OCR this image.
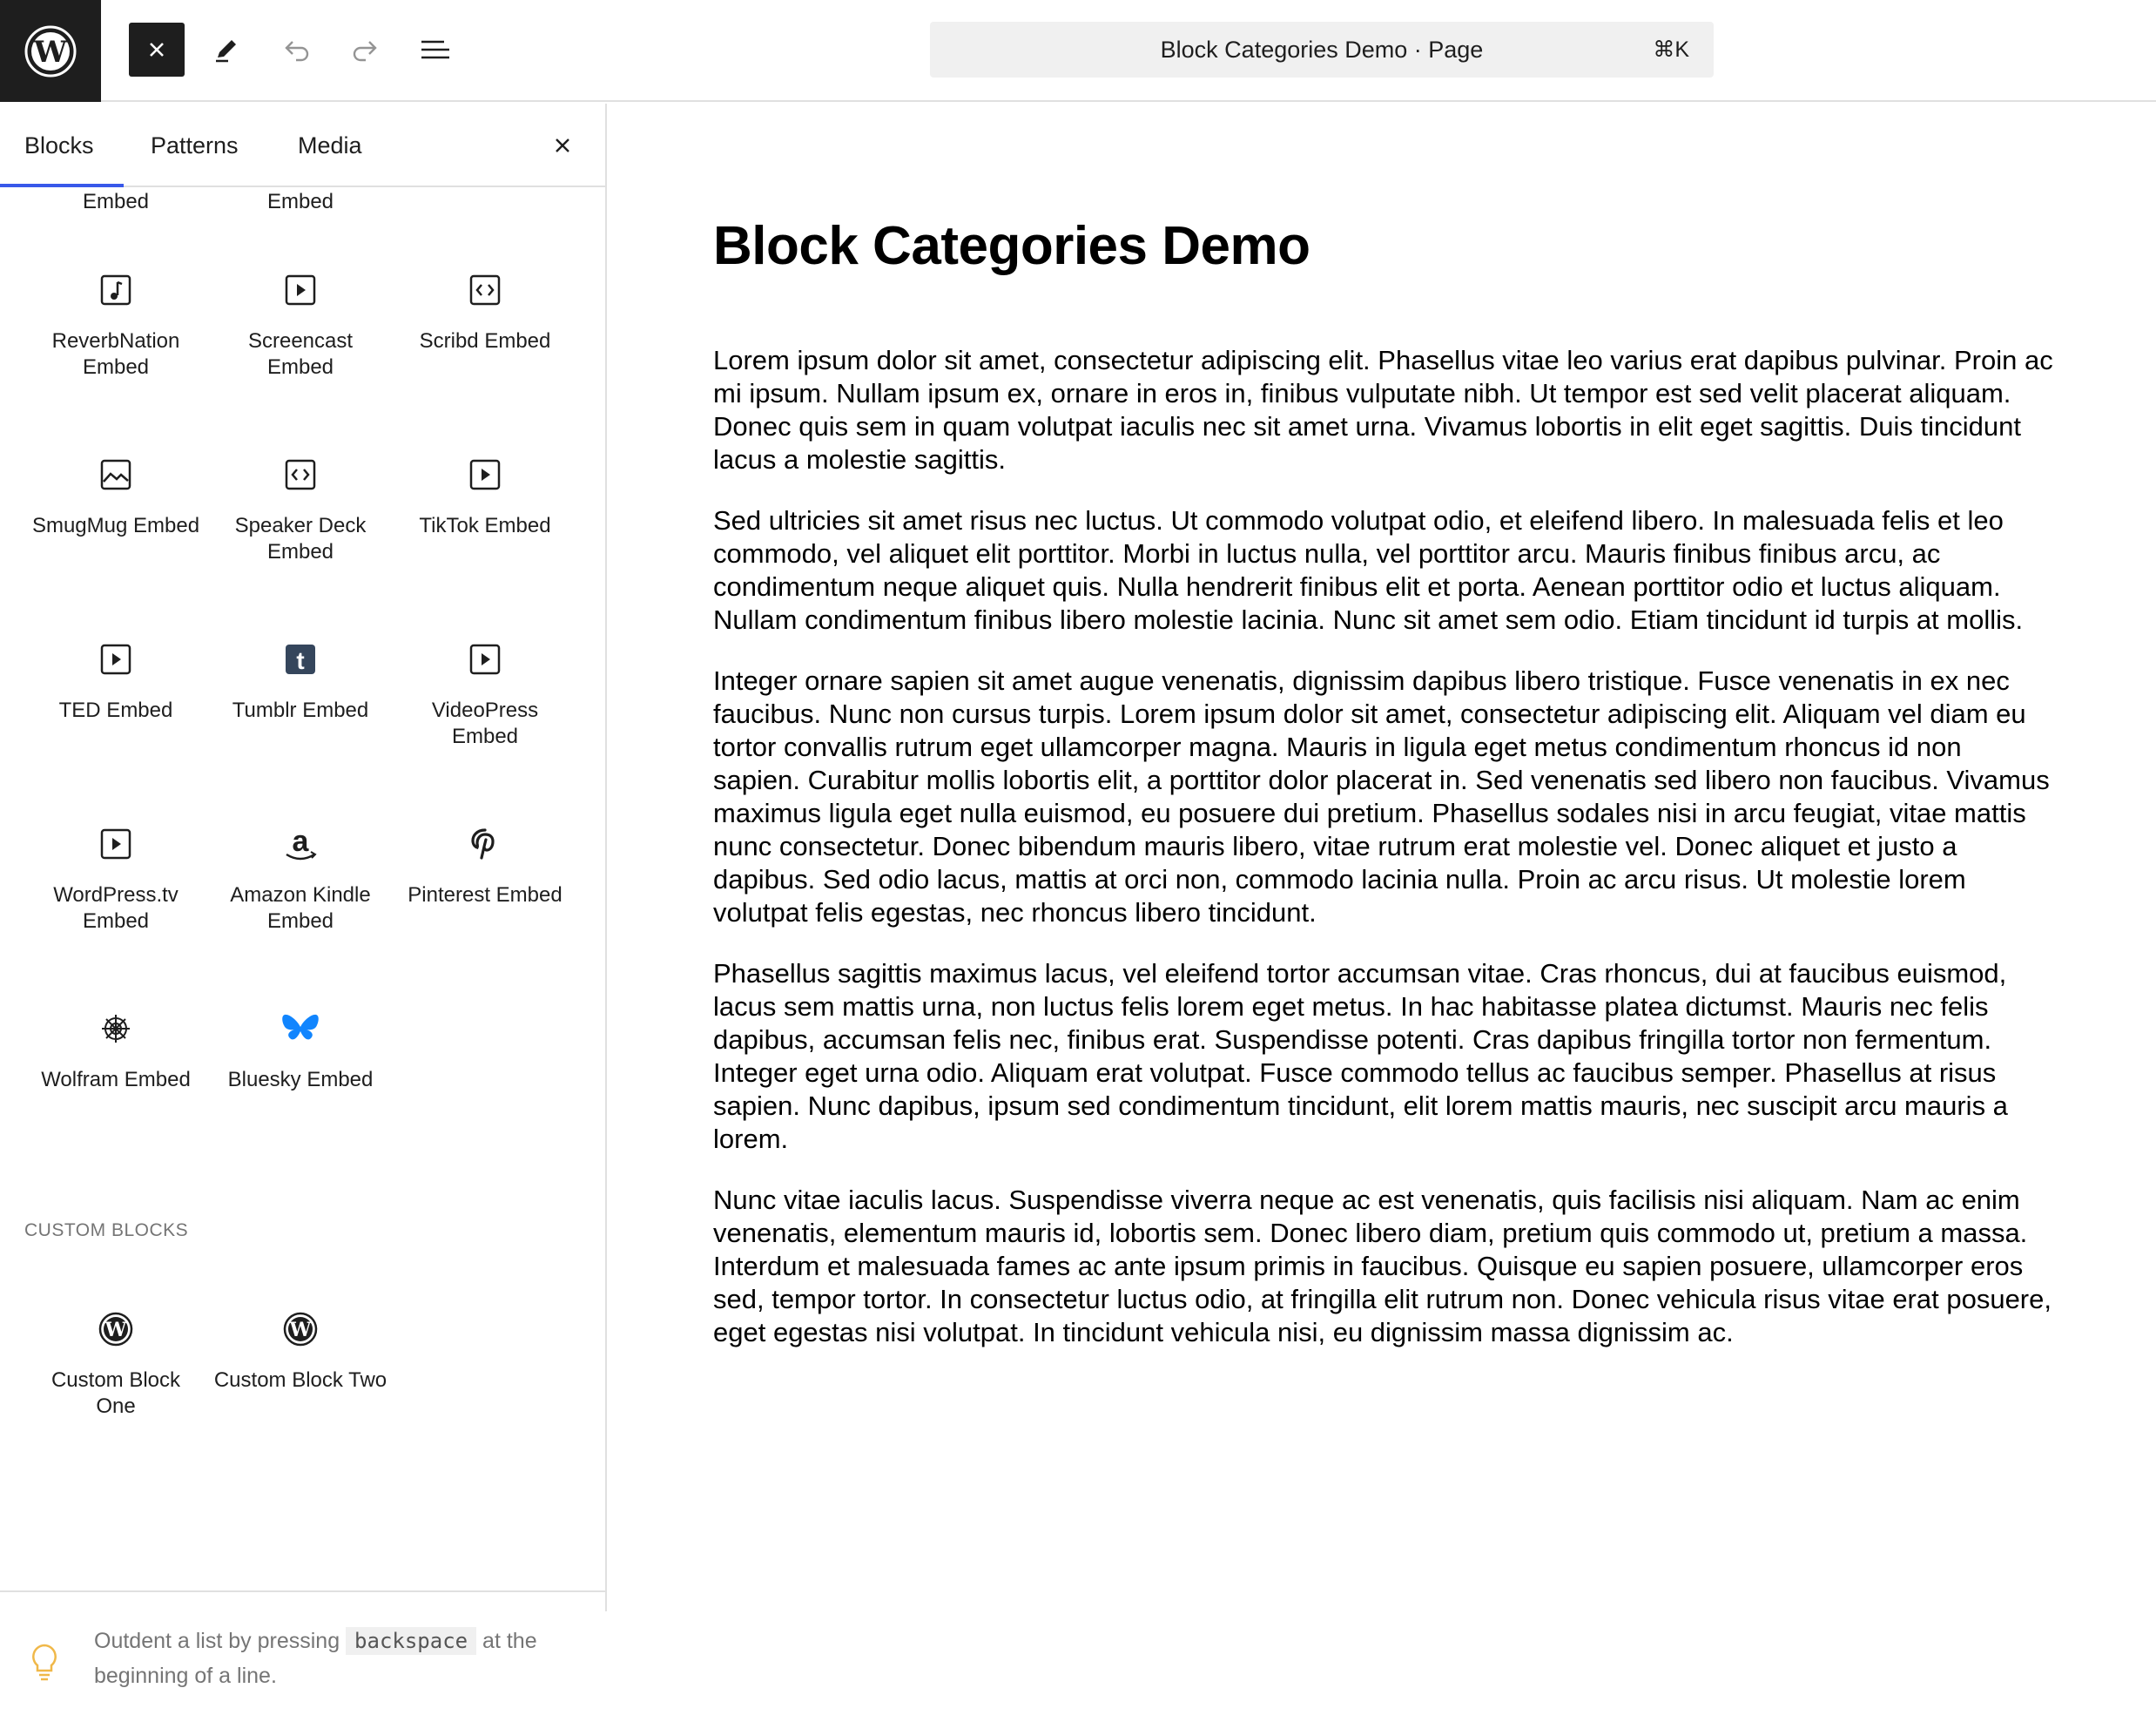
W	Block Categories Demo · Page	⌘K
Blocks Patterns	Media
Embed	Embed
ReverbNation Embed
Screencast Embed
Scribd Embed
SmugMug Embed	Speaker Deck Embed
TikTok Embed
TED Embed
t
Tumblr Embed	VideoPress Embed
WordPress.tv Embed
a
Amazon Kindle Embed
Pinterest Embed
Wolfram Embed	Bluesky Embed
CUSTOM BLOCKS
W
Custom Block One
W
Custom Block Two
Outdent a list by pressing backspace at the beginning of a line.
Block Categories Demo

Lorem ipsum dolor sit amet, consectetur adipiscing elit. Phasellus vitae leo varius erat dapibus pulvinar. Proin ac mi ipsum. Nullam ipsum ex, ornare in eros in, finibus vulputate nibh. Ut tempor est sed velit placerat aliquam. Donec quis sem in quam volutpat iaculis nec sit amet urna. Vivamus lobortis in elit eget sagittis. Duis tincidunt lacus a molestie sagittis.

Sed ultricies sit amet risus nec luctus. Ut commodo volutpat odio, et eleifend libero. In malesuada felis et leo commodo, vel aliquet elit porttitor. Morbi in luctus nulla, vel porttitor arcu. Mauris finibus finibus arcu, ac condimentum neque aliquet quis. Nulla hendrerit finibus elit et porta. Aenean porttitor odio et luctus aliquam. Nullam condimentum finibus libero molestie lacinia. Nunc sit amet sem odio. Etiam tincidunt id turpis at mollis.

Integer ornare sapien sit amet augue venenatis, dignissim dapibus libero tristique. Fusce venenatis in ex nec faucibus. Nunc non cursus turpis. Lorem ipsum dolor sit amet, consectetur adipiscing elit. Aliquam vel diam eu tortor convallis rutrum eget ullamcorper magna. Mauris in ligula eget metus condimentum rhoncus id non sapien. Curabitur mollis lobortis elit, a porttitor dolor placerat in. Sed venenatis sed libero non faucibus. Vivamus maximus ligula eget nulla euismod, eu posuere dui pretium. Phasellus sodales nisi in arcu feugiat, vitae mattis nunc consectetur. Donec bibendum mauris libero, vitae rutrum erat molestie vel. Donec aliquet et justo a dapibus. Sed odio lacus, mattis at orci non, commodo lacinia nulla. Proin ac arcu risus. Ut molestie lorem volutpat felis egestas, nec rhoncus libero tincidunt.

Phasellus sagittis maximus lacus, vel eleifend tortor accumsan vitae. Cras rhoncus, dui at faucibus euismod, lacus sem mattis urna, non luctus felis lorem eget metus. In hac habitasse platea dictumst. Mauris nec felis dapibus, accumsan felis nec, finibus erat. Suspendisse potenti. Cras dapibus fringilla tortor non fermentum. Integer eget urna odio. Aliquam erat volutpat. Fusce commodo tellus ac faucibus semper. Phasellus at risus sapien. Nunc dapibus, ipsum sed condimentum tincidunt, elit lorem mattis mauris, nec suscipit arcu mauris a lorem.

Nunc vitae iaculis lacus. Suspendisse viverra neque ac est venenatis, quis facilisis nisi aliquam. Nam ac enim venenatis, elementum mauris id, lobortis sem. Donec libero diam, pretium quis commodo ut, pretium a massa. Interdum et malesuada fames ac ante ipsum primis in faucibus. Quisque eu sapien posuere, ullamcorper eros sed, tempor tortor. In consectetur luctus odio, at fringilla elit rutrum non. Donec vehicula risus vitae erat posuere, eget egestas nisi volutpat. In tincidunt vehicula nisi, eu dignissim massa dignissim ac.
